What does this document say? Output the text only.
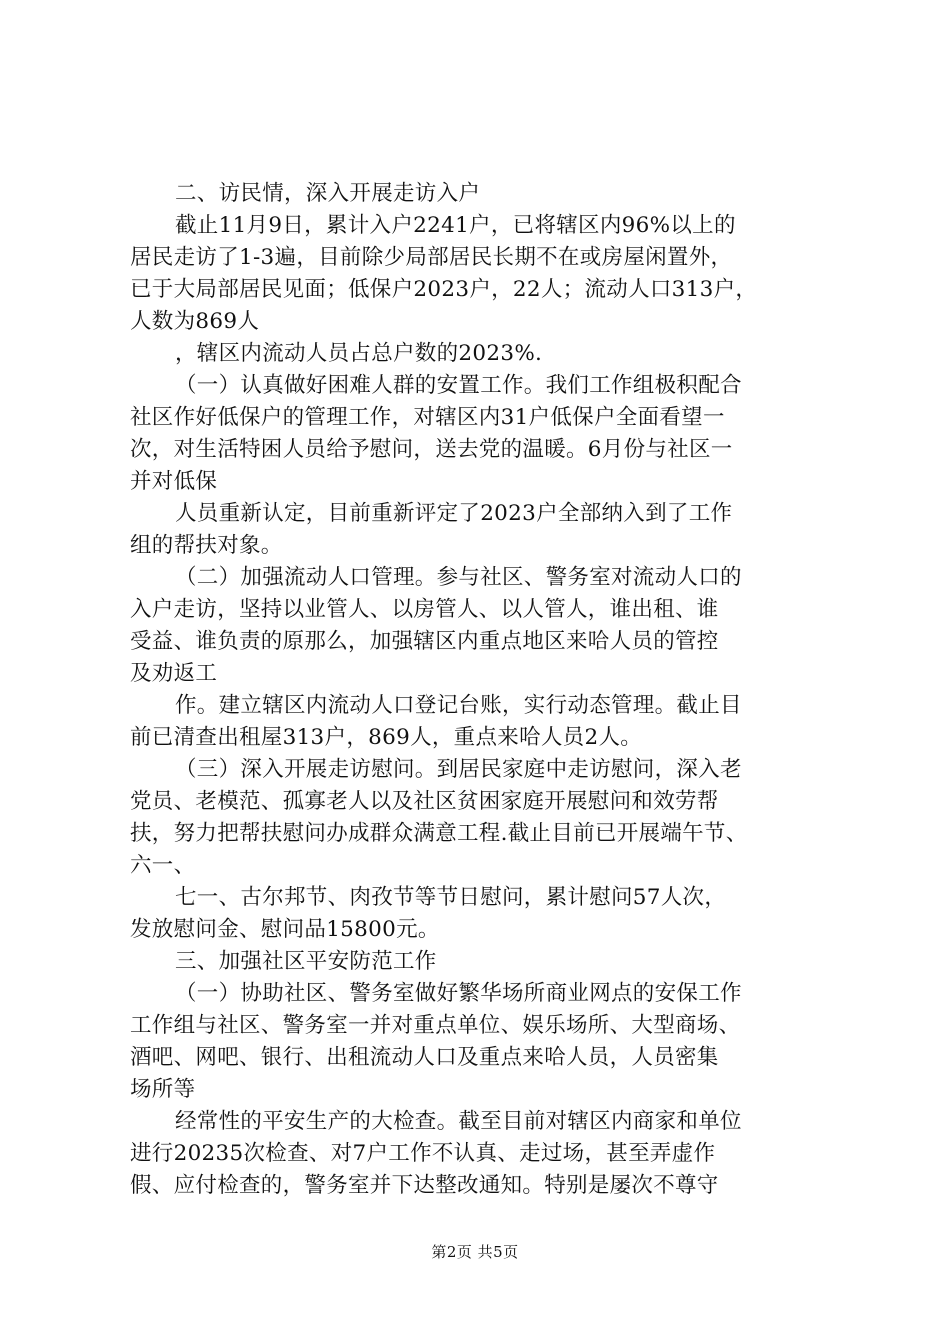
二、访民情，深入开展走访入户
截止11月9日，累计入户2241户，已将辖区内96%以上的
居民走访了1-3遍，目前除少局部居民长期不在或房屋闲置外，
已于大局部居民见面；低保户2023户，22人；流动人口313户，
人数为869人
，辖区内流动人员占总户数的2023%.
（一）认真做好困难人群的安置工作。我们工作组极积配合
社区作好低保户的管理工作，对辖区内31户低保户全面看望一
次，对生活特困人员给予慰问，送去党的温暖。6月份与社区一
并对低保
人员重新认定，目前重新评定了2023户全部纳入到了工作
组的帮扶对象。
（二）加强流动人口管理。参与社区、警务室对流动人口的
入户走访，坚持以业管人、以房管人、以人管人，谁出租、谁
受益、谁负责的原那么，加强辖区内重点地区来哈人员的管控
及劝返工
作。建立辖区内流动人口登记台账，实行动态管理。截止目
前已清查出租屋313户，869人，重点来哈人员2人。
（三）深入开展走访慰问。到居民家庭中走访慰问，深入老
党员、老模范、孤寡老人以及社区贫困家庭开展慰问和效劳帮
扶，努力把帮扶慰问办成群众满意工程.截止目前已开展端午节、
六一、
七一、古尔邦节、肉孜节等节日慰问，累计慰问57人次，
发放慰问金、慰问品15800元。
三、加强社区平安防范工作
（一）协助社区、警务室做好繁华场所商业网点的安保工作
工作组与社区、警务室一并对重点单位、娱乐场所、大型商场、
酒吧、网吧、银行、出租流动人口及重点来哈人员，人员密集
场所等
经常性的平安生产的大检查。截至目前对辖区内商家和单位
进行20235次检查、对7户工作不认真、走过场，甚至弄虚作
假、应付检查的，警务室并下达整改通知。特别是屡次不尊守
第2页 共5页
